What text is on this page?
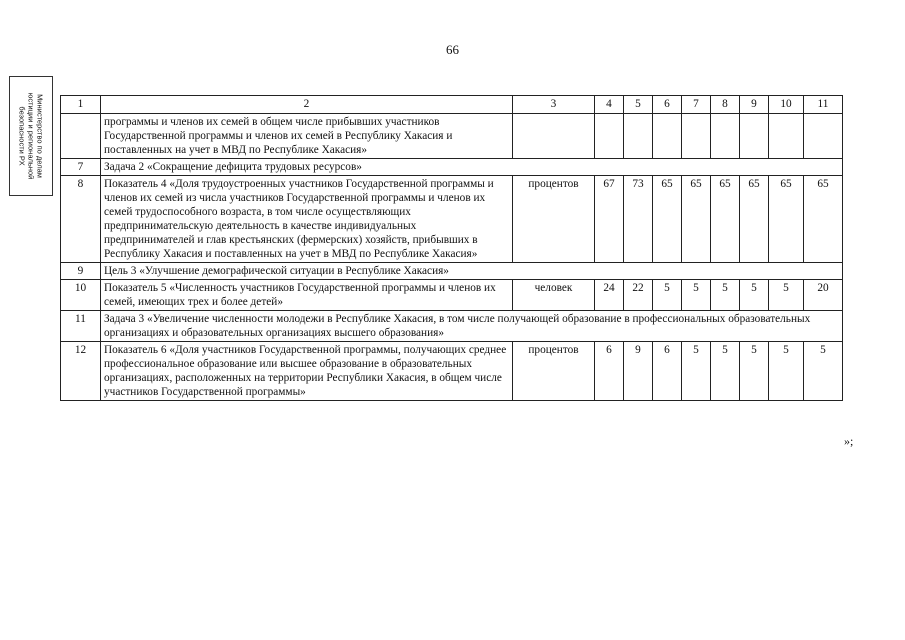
66
Министерство по делам
юстиции и региональной
безопасности РХ
1	2	3	4	5	6	7	8	9	10	11
	программы и членов их семей в общем числе прибывших участников Государственной программы и членов их семей в Республику Хакасия и поставленных на учет в МВД по Республике Хакасия»									
7	Задача 2 «Сокращение дефицита трудовых ресурсов»									
8	Показатель 4 «Доля трудоустроенных участников Государственной программы и членов их семей из числа участников Государственной программы и членов их семей трудоспособного возраста, в том числе осуществляющих предпринимательскую деятельность в качестве индивидуальных предпринимателей и глав крестьянских (фермерских) хозяйств, прибывших в Республику Хакасия и поставленных на учет в МВД по Республике Хакасия»	процентов	67	73	65	65	65	65	65	65
9	Цель 3 «Улучшение демографической ситуации в Республике Хакасия»									
10	Показатель 5 «Численность участников Государственной программы и членов их семей, имеющих трех и более детей»	человек	24	22	5	5	5	5	5	20
11	Задача 3 «Увеличение численности молодежи в Республике Хакасия, в том числе получающей образование в профессиональных образовательных организациях и образовательных организациях высшего образования»									
12	Показатель 6 «Доля участников Государственной программы, получающих среднее профессиональное образование или высшее образование в образовательных организациях, расположенных на территории Республики Хакасия, в общем числе участников Государственной программы»	процентов	6	9	6	5	5	5	5	5
»;
